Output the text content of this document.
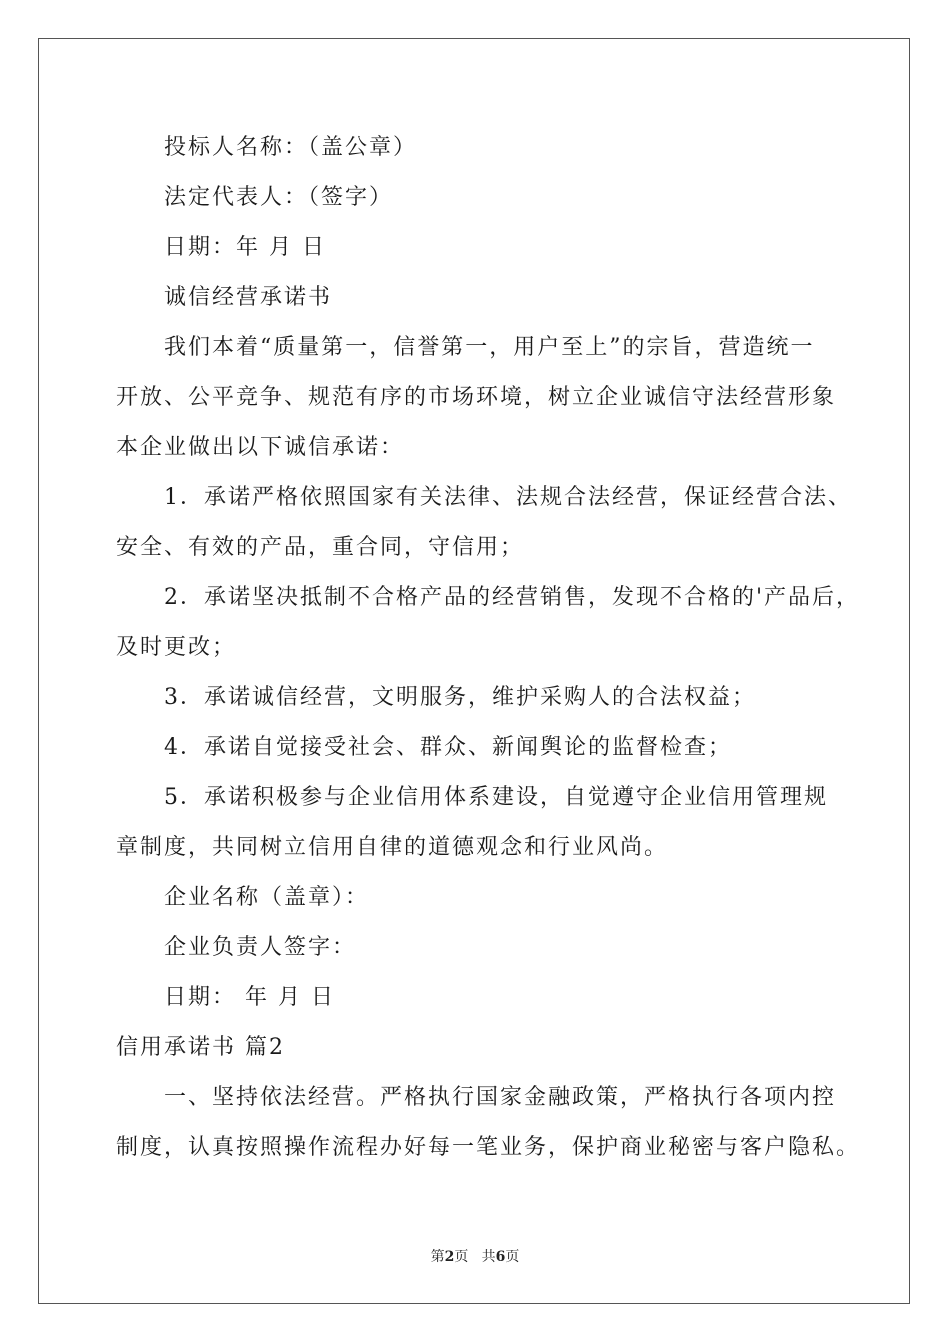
投标人名称：（盖公章）
法定代表人：（签字）
日期：年 月 日
诚信经营承诺书
我们本着“质量第一，信誉第一，用户至上”的宗旨，营造统一
开放、公平竞争、规范有序的市场环境，树立企业诚信守法经营形象
本企业做出以下诚信承诺：
1．承诺严格依照国家有关法律、法规合法经营，保证经营合法、
安全、有效的产品，重合同，守信用；
2．承诺坚决抵制不合格产品的经营销售，发现不合格的'产品后，
及时更改；
3．承诺诚信经营，文明服务，维护采购人的合法权益；
4．承诺自觉接受社会、群众、新闻舆论的监督检查；
5．承诺积极参与企业信用体系建设，自觉遵守企业信用管理规
章制度，共同树立信用自律的道德观念和行业风尚。
企业名称（盖章）：
企业负责人签字：
日期： 年 月 日
信用承诺书 篇2
一、坚持依法经营。严格执行国家金融政策，严格执行各项内控
制度，认真按照操作流程办好每一笔业务，保护商业秘密与客户隐私。
第2页   共6页
